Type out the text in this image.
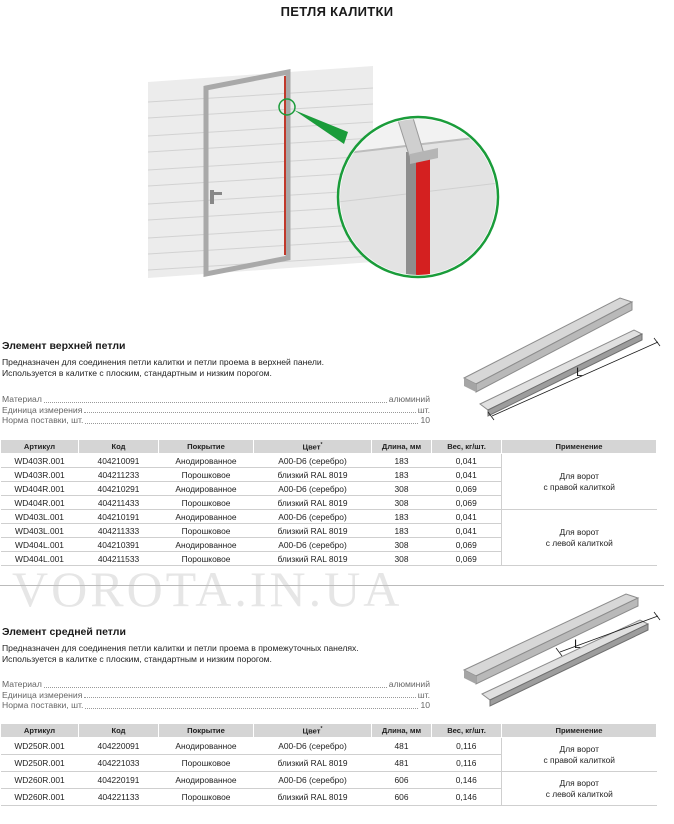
ПЕТЛЯ КАЛИТКИ
Элемент верхней петли
Предназначен для соединения петли калитки и петли проема в верхней панели.
Используется в калитке с плоским, стандартным и низким порогом.
Материал	алюминий
Единица измерения	шт.
Норма поставки, шт.	10
L
Артикул	Код	Покрытие	Цвет*	Длина, мм	Вес, кг/шт.	Применение
WD403R.001	404210091	Анодированное	A00-D6 (серебро)	183	0,041	Для ворот
с правой калиткой

WD403R.001	404211233	Порошковое	близкий RAL 8019	183	0,041	
WD404R.001	404210291	Анодированное	A00-D6 (серебро)	308	0,069	
WD404R.001	404211433	Порошковое	близкий RAL 8019	308	0,069	
WD403L.001	404210191	Анодированное	A00-D6 (серебро)	183	0,041	Для ворот
с левой калиткой

WD403L.001	404211333	Порошковое	близкий RAL 8019	183	0,041	
WD404L.001	404210391	Анодированное	A00-D6 (серебро)	308	0,069	
WD404L.001	404211533	Порошковое	близкий RAL 8019	308	0,069	
VOROTA.IN.UA
Элемент средней петли
Предназначен для соединения петли калитки и петли проема в промежуточных панелях.
Используется в калитке с плоским, стандартным и низким порогом.
Материал	алюминий
Единица измерения	шт.
Норма поставки, шт.	10
L
Артикул	Код	Покрытие	Цвет*	Длина, мм	Вес, кг/шт.	Применение
WD250R.001	404220091	Анодированное	A00-D6 (серебро)	481	0,116	Для ворот
с правой калиткой

WD250R.001	404221033	Порошковое	близкий RAL 8019	481	0,116	
WD260R.001	404220191	Анодированное	A00-D6 (серебро)	606	0,146	Для ворот
с левой калиткой

WD260R.001	404221133	Порошковое	близкий RAL 8019	606	0,146	
